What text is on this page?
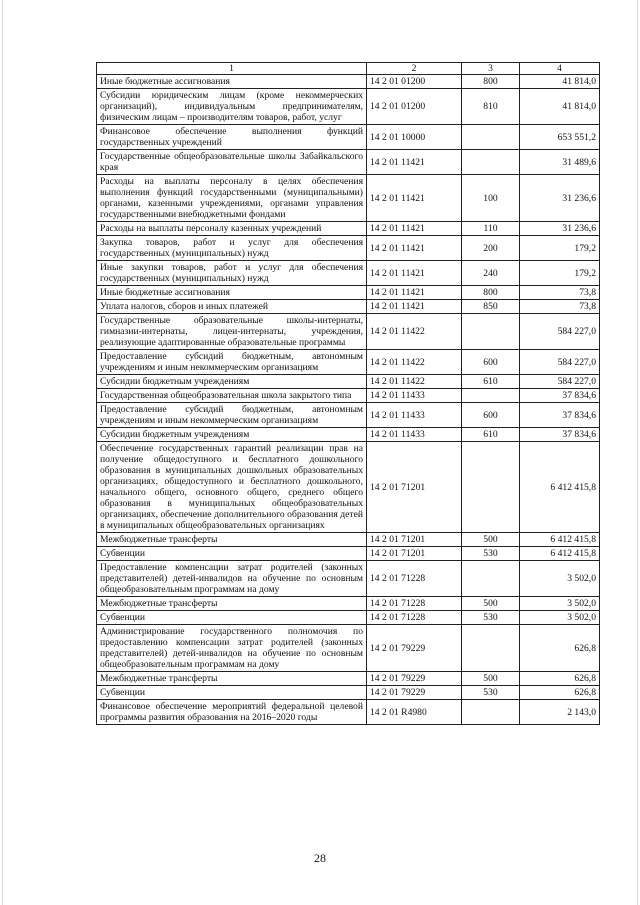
1	2	3	4
Иные бюджетные ассигнования	14 2 01 01200	800	41 814,0
Субсидии юридическим лицам (кроме некоммерческих организаций), индивидуальным предпринимателям, физическим лицам – производителям товаров, работ, услуг	14 2 01 01200	810	41 814,0
Финансовое обеспечение выполнения функций государственных учреждений	14 2 01 10000		653 551,2
Государственные общеобразовательные школы Забайкальского края	14 2 01 11421		31 489,6
Расходы на выплаты персоналу в целях обеспечения выполнения функций государственными (муниципальными) органами, казенными учреждениями, органами управления государственными внебюджетными фондами	14 2 01 11421	100	31 236,6
Расходы на выплаты персоналу казенных учреждений	14 2 01 11421	110	31 236,6
Закупка товаров, работ и услуг для обеспечения государственных (муниципальных) нужд	14 2 01 11421	200	179,2
Иные закупки товаров, работ и услуг для обеспечения государственных (муниципальных) нужд	14 2 01 11421	240	179,2
Иные бюджетные ассигнования	14 2 01 11421	800	73,8
Уплата налогов, сборов и иных платежей	14 2 01 11421	850	73,8
Государственные образовательные школы-интернаты, гимназии-интернаты, лицеи-интернаты, учреждения, реализующие адаптированные образовательные программы	14 2 01 11422		584 227,0
Предоставление субсидий бюджетным, автономным учреждениям и иным некоммерческим организациям	14 2 01 11422	600	584 227,0
Субсидии бюджетным учреждениям	14 2 01 11422	610	584 227,0
Государственная общеобразовательная школа закрытого типа	14 2 01 11433		37 834,6
Предоставление субсидий бюджетным, автономным учреждениям и иным некоммерческим организациям	14 2 01 11433	600	37 834,6
Субсидии бюджетным учреждениям	14 2 01 11433	610	37 834,6
Обеспечение государственных гарантий реализации прав на получение общедоступного и бесплатного дошкольного образования в муниципальных дошкольных образовательных организациях, общедоступного и бесплатного дошкольного, начального общего, основного общего, среднего общего образования в муниципальных общеобразовательных организациях, обеспечение дополнительного образования детей в муниципальных общеобразовательных организациях	14 2 01 71201		6 412 415,8
Межбюджетные трансферты	14 2 01 71201	500	6 412 415,8
Субвенции	14 2 01 71201	530	6 412 415,8
Предоставление компенсации затрат родителей (законных представителей) детей-инвалидов на обучение по основным общеобразовательным программам на дому	14 2 01 71228		3 502,0
Межбюджетные трансферты	14 2 01 71228	500	3 502,0
Субвенции	14 2 01 71228	530	3 502,0
Администрирование государственного полномочия по предоставлению компенсации затрат родителей (законных представителей) детей-инвалидов на обучение по основным общеобразовательным программам на дому	14 2 01 79229		626,8
Межбюджетные трансферты	14 2 01 79229	500	626,8
Субвенции	14 2 01 79229	530	626,8
Финансовое обеспечение мероприятий федеральной целевой программы развития образования на 2016–2020 годы	14 2 01 R4980		2 143,0
28
